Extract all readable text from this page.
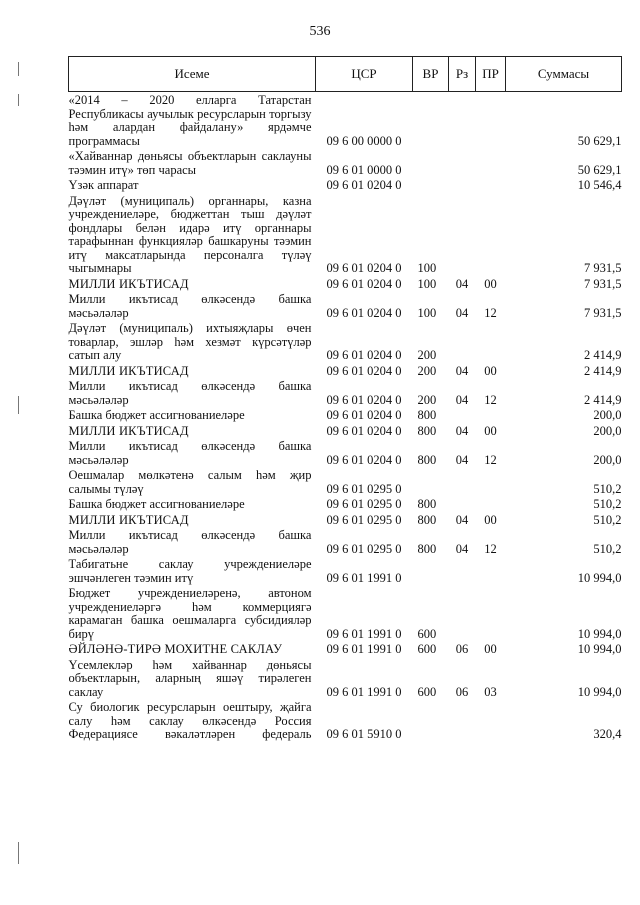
536
Исеме	ЦСР	ВР	Рз	ПР	Суммасы
«2014 – 2020 елларга Татарстан Республикасы аучылык ресурсларын торгызу һәм алардан файдалану» ярдәмче программасы	09 6 00 0000 0				50 629,1
«Хайваннар дөньясы объектларын саклауны тәэмин итү» төп чарасы	09 6 01 0000 0				50 629,1
Үзәк аппарат	09 6 01 0204 0				10 546,4
Дәүләт (муниципаль) органнары, казна учреждениеләре, бюджеттан тыш дәүләт фондлары белән идарә итү органнары тарафыннан функцияләр башкаруны тәэмин итү максатларында персоналга түләү чыгымнары	09 6 01 0204 0	100			7 931,5
МИЛЛИ ИКЪТИСАД	09 6 01 0204 0	100	04	00	7 931,5
Милли икътисад өлкәсендә башка мәсьәләләр	09 6 01 0204 0	100	04	12	7 931,5
Дәүләт (муниципаль) ихтыяҗлары өчен товарлар, эшләр һәм хезмәт күрсәтүләр сатып алу	09 6 01 0204 0	200			2 414,9
МИЛЛИ ИКЪТИСАД	09 6 01 0204 0	200	04	00	2 414,9
Милли икътисад өлкәсендә башка мәсьәләләр	09 6 01 0204 0	200	04	12	2 414,9
Башка бюджет ассигнованиеләре	09 6 01 0204 0	800			200,0
МИЛЛИ ИКЪТИСАД	09 6 01 0204 0	800	04	00	200,0
Милли икътисад өлкәсендә башка мәсьәләләр	09 6 01 0204 0	800	04	12	200,0
Оешмалар мөлкәтенә салым һәм җир салымы түләү	09 6 01 0295 0				510,2
Башка бюджет ассигнованиеләре	09 6 01 0295 0	800			510,2
МИЛЛИ ИКЪТИСАД	09 6 01 0295 0	800	04	00	510,2
Милли икътисад өлкәсендә башка мәсьәләләр	09 6 01 0295 0	800	04	12	510,2
Табигатьне саклау учреждениеләре эшчәнлеген тәэмин итү	09 6 01 1991 0				10 994,0
Бюджет учреждениеләренә, автоном учреждениеләргә һәм коммерциягә карамаган башка оешмаларга субсидияләр бирү	09 6 01 1991 0	600			10 994,0
ӘЙЛӘНӘ-ТИРӘ МОХИТНЕ САКЛАУ	09 6 01 1991 0	600	06	00	10 994,0
Үсемлекләр һәм хайваннар дөньясы объектларын, аларның яшәү тирәлеген саклау	09 6 01 1991 0	600	06	03	10 994,0
Су биологик ресурсларын оештыру, җайга салу һәм саклау өлкәсендә Россия Федерациясе вәкаләтләрен федераль	09 6 01 5910 0				320,4
